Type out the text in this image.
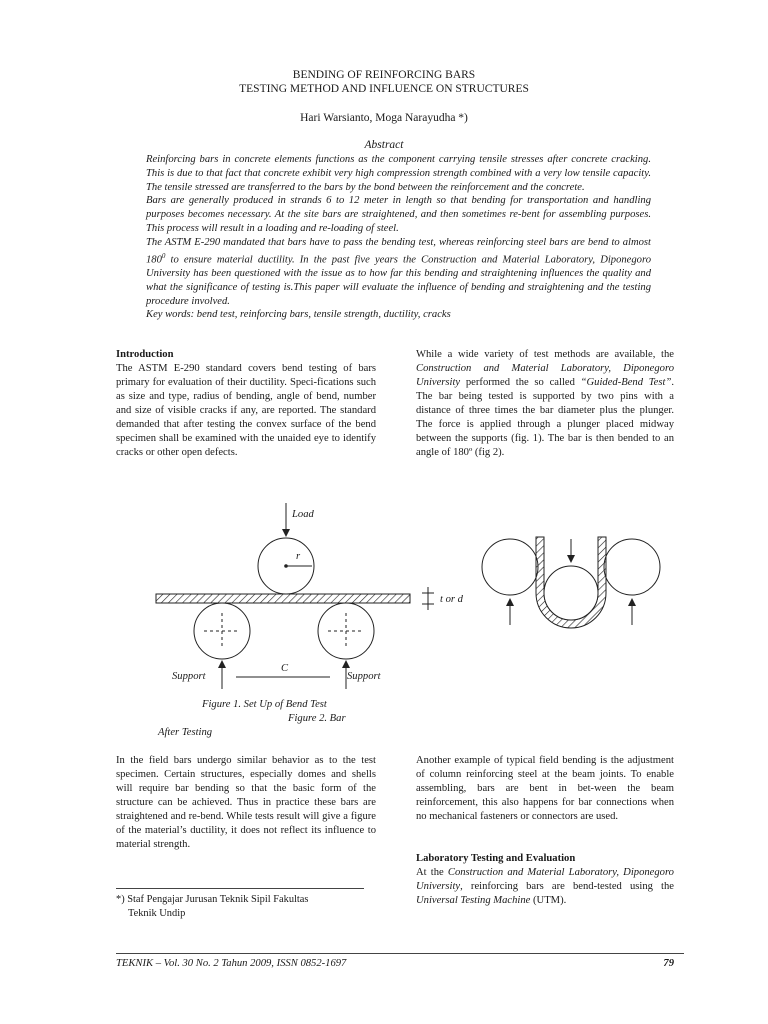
BENDING OF REINFORCING BARS
TESTING METHOD AND INFLUENCE ON STRUCTURES
Hari Warsianto, Moga Narayudha *)
Abstract

Reinforcing bars in concrete elements functions as the component carrying tensile stresses after concrete cracking. This is due to that fact that concrete exhibit very high compression strength combined with a very low tensile capacity. The tensile stressed are transferred to the bars by the bond between the reinforcement and the concrete.

Bars are generally produced in strands 6 to 12 meter in length so that bending for transportation and handling purposes becomes necessary. At the site bars are straightened, and then sometimes re-bent for assembling purposes. This process will result in a loading and re-loading of steel.

The ASTM E-290 mandated that bars have to pass the bending test, whereas reinforcing steel bars are bend to almost $180^0$ to ensure material ductility. In the past five years the Construction and Material Laboratory, Diponegoro University has been questioned with the issue as to how far this bending and straightening influences the quality and what the significance of testing is.This paper will evaluate the influence of bending and straightening and the testing procedure involved.

Key words: bend test, reinforcing bars, tensile strength, ductility, cracks

Introduction

The ASTM E-290 standard covers bend testing of bars primary for evaluation of their ductility. Speci-fications such as size and type, radius of bending, angle of bend, number and size of visible cracks if any, are reported. The standard demanded that after testing the convex surface of the bend specimen shall be examined with the unaided eye to identify cracks or other open defects.

While a wide variety of test methods are available, the Construction and Material Laboratory, Diponegoro University performed the so called “Guided-Bend Test”. The bar being tested is supported by two pins with a distance of three times the bar diameter plus the plunger. The force is applied through a plunger placed midway between the supports (fig. 1). The bar is then bended to an angle of 180º (fig 2).

Load
r
t or d
Support	Support
C
Figure 1. Set Up of Bend Test
Figure 2. Bar
After Testing

In the field bars undergo similar behavior as to the test specimen. Certain structures, especially domes and shells will require bar bending so that the basic form of the structure can be achieved. Thus in practice these bars are straightened and re-bend. While tests result will give a figure of the material’s ductility, it does not reflect its influence to material strength.

Another example of typical field bending is the adjustment of column reinforcing steel at the beam joints. To enable assembling, bars are bent in bet-ween the beam reinforcement, this also happens for bar connections when no mechanical fasteners or connectors are used.

Laboratory Testing and Evaluation

At the Construction and Material Laboratory, Diponegoro University, reinforcing bars are bend-tested using the Universal Testing Machine (UTM).

*) Staf Pengajar Jurusan Teknik Sipil Fakultas
Teknik Undip
TEKNIK – Vol. 30 No. 2 Tahun 2009, ISSN 0852-1697	79
